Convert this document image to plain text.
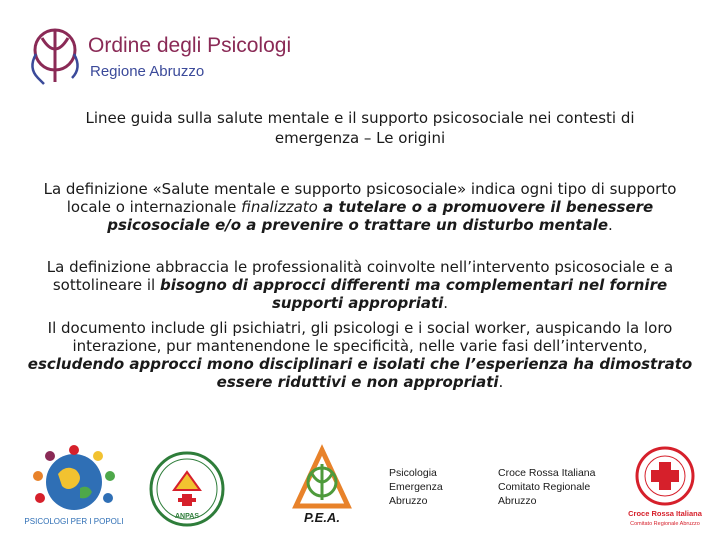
Ordine degli Psicologi
Regione Abruzzo
Linee guida sulla salute mentale e il supporto psicosociale nei contesti di
emergenza – Le origini
La definizione «Salute mentale e supporto psicosociale» indica ogni tipo di supporto locale o internazionale finalizzato a tutelare o a promuovere il benessere psicosociale e/o a prevenire o trattare un disturbo mentale.
La definizione abbraccia le professionalità coinvolte nell’intervento psicosociale e a sottolineare il bisogno di approcci differenti ma complementari nel fornire supporti appropriati.
Il documento include gli psichiatri, gli psicologi e i social worker, auspicando la loro interazione, pur mantenendone le specificità, nelle varie fasi dell’intervento, escludendo approcci mono disciplinari e isolati che l’esperienza ha dimostrato essere riduttivi e non appropriati.
PSICOLOGI PER I POPOLI
ANPAS	P.E.A.
Psicologia
Emergenza
Abruzzo
Croce Rossa Italiana
Comitato Regionale
Abruzzo
Croce Rossa Italiana
Comitato Regionale Abruzzo
